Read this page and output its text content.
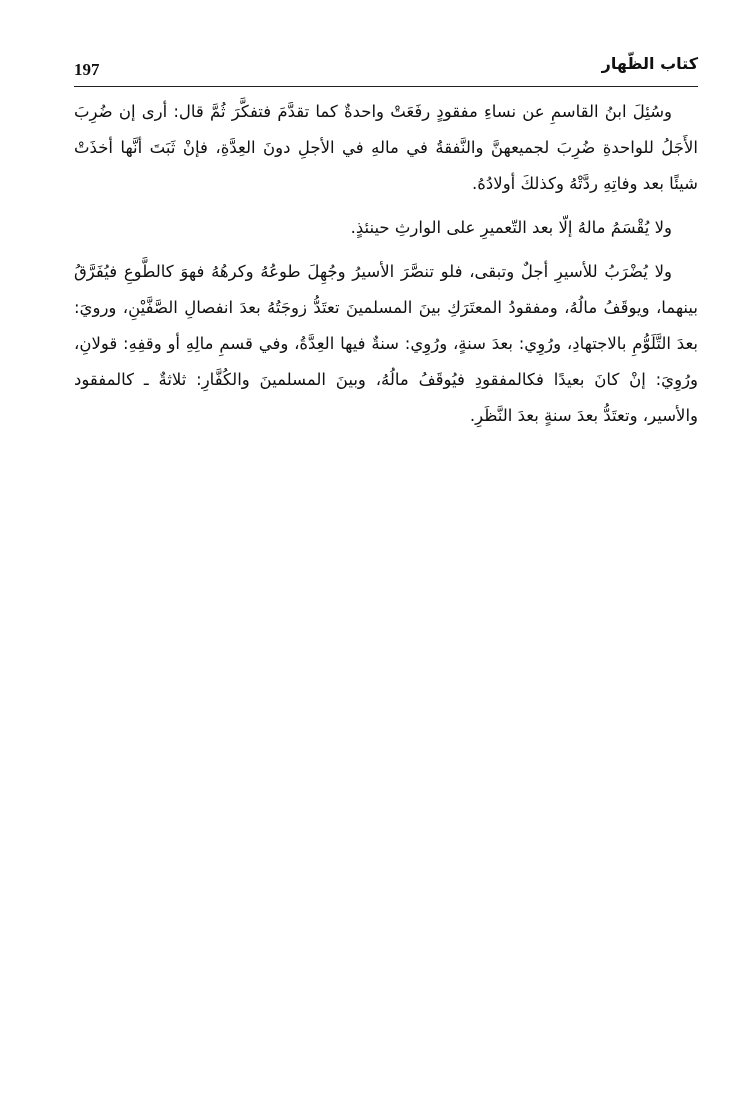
197	كتاب الظّهار

وسُئِلَ ابنُ القاسمِ عن نساءِ مفقودٍ رفَعَتْ واحدةٌ كما تقدَّمَ فتفكَّرَ ثُمَّ قال: أرى إن ضُرِبَ الأَجَلُ للواحدةِ ضُرِبَ لجميعهنَّ والنَّفقةُ في مالهِ في الأجلِ دونَ العِدَّةِ، فإنْ ثَبَتَ أنَّها أخذَتْ شيئًا بعد وفاتِهِ ردَّتْهُ وكذلكَ أولادُهُ.

ولا يُقْسَمُ مالهُ إلّا بعد التّعميرِ على الوارثِ حينئذٍ.

ولا يُضْرَبُ للأسيرِ أجلٌ وتبقى، فلو تنصَّرَ الأسيرُ وجُهِلَ طوعُهُ وكرهُهُ فهوَ كالطَّوعِ فيُفَرَّقُ بينهما، ويوقَفُ مالُهُ، ومفقودُ المعتَرَكِ بينَ المسلمينَ تعتَدُّ زوجَتُهُ بعدَ انفصالِ الصَّفَّيْنِ، ورويَ: بعدَ التَّلَوُّمِ بالاجتهادِ، ورُوِي: بعدَ سنةٍ، ورُوِي: سنةٌ فيها العِدَّةُ، وفي قسمِ مالِهِ أو وقفِهِ: قولانِ، ورُوِيَ: إنْ كانَ بعيدًا فكالمفقودِ فيُوقَفُ مالُهُ، وبينَ المسلمينَ والكُفَّارِ: ثلاثةٌ ـ كالمفقود والأسير، وتعتَدُّ بعدَ سنةٍ بعدَ النَّظَرِ.
